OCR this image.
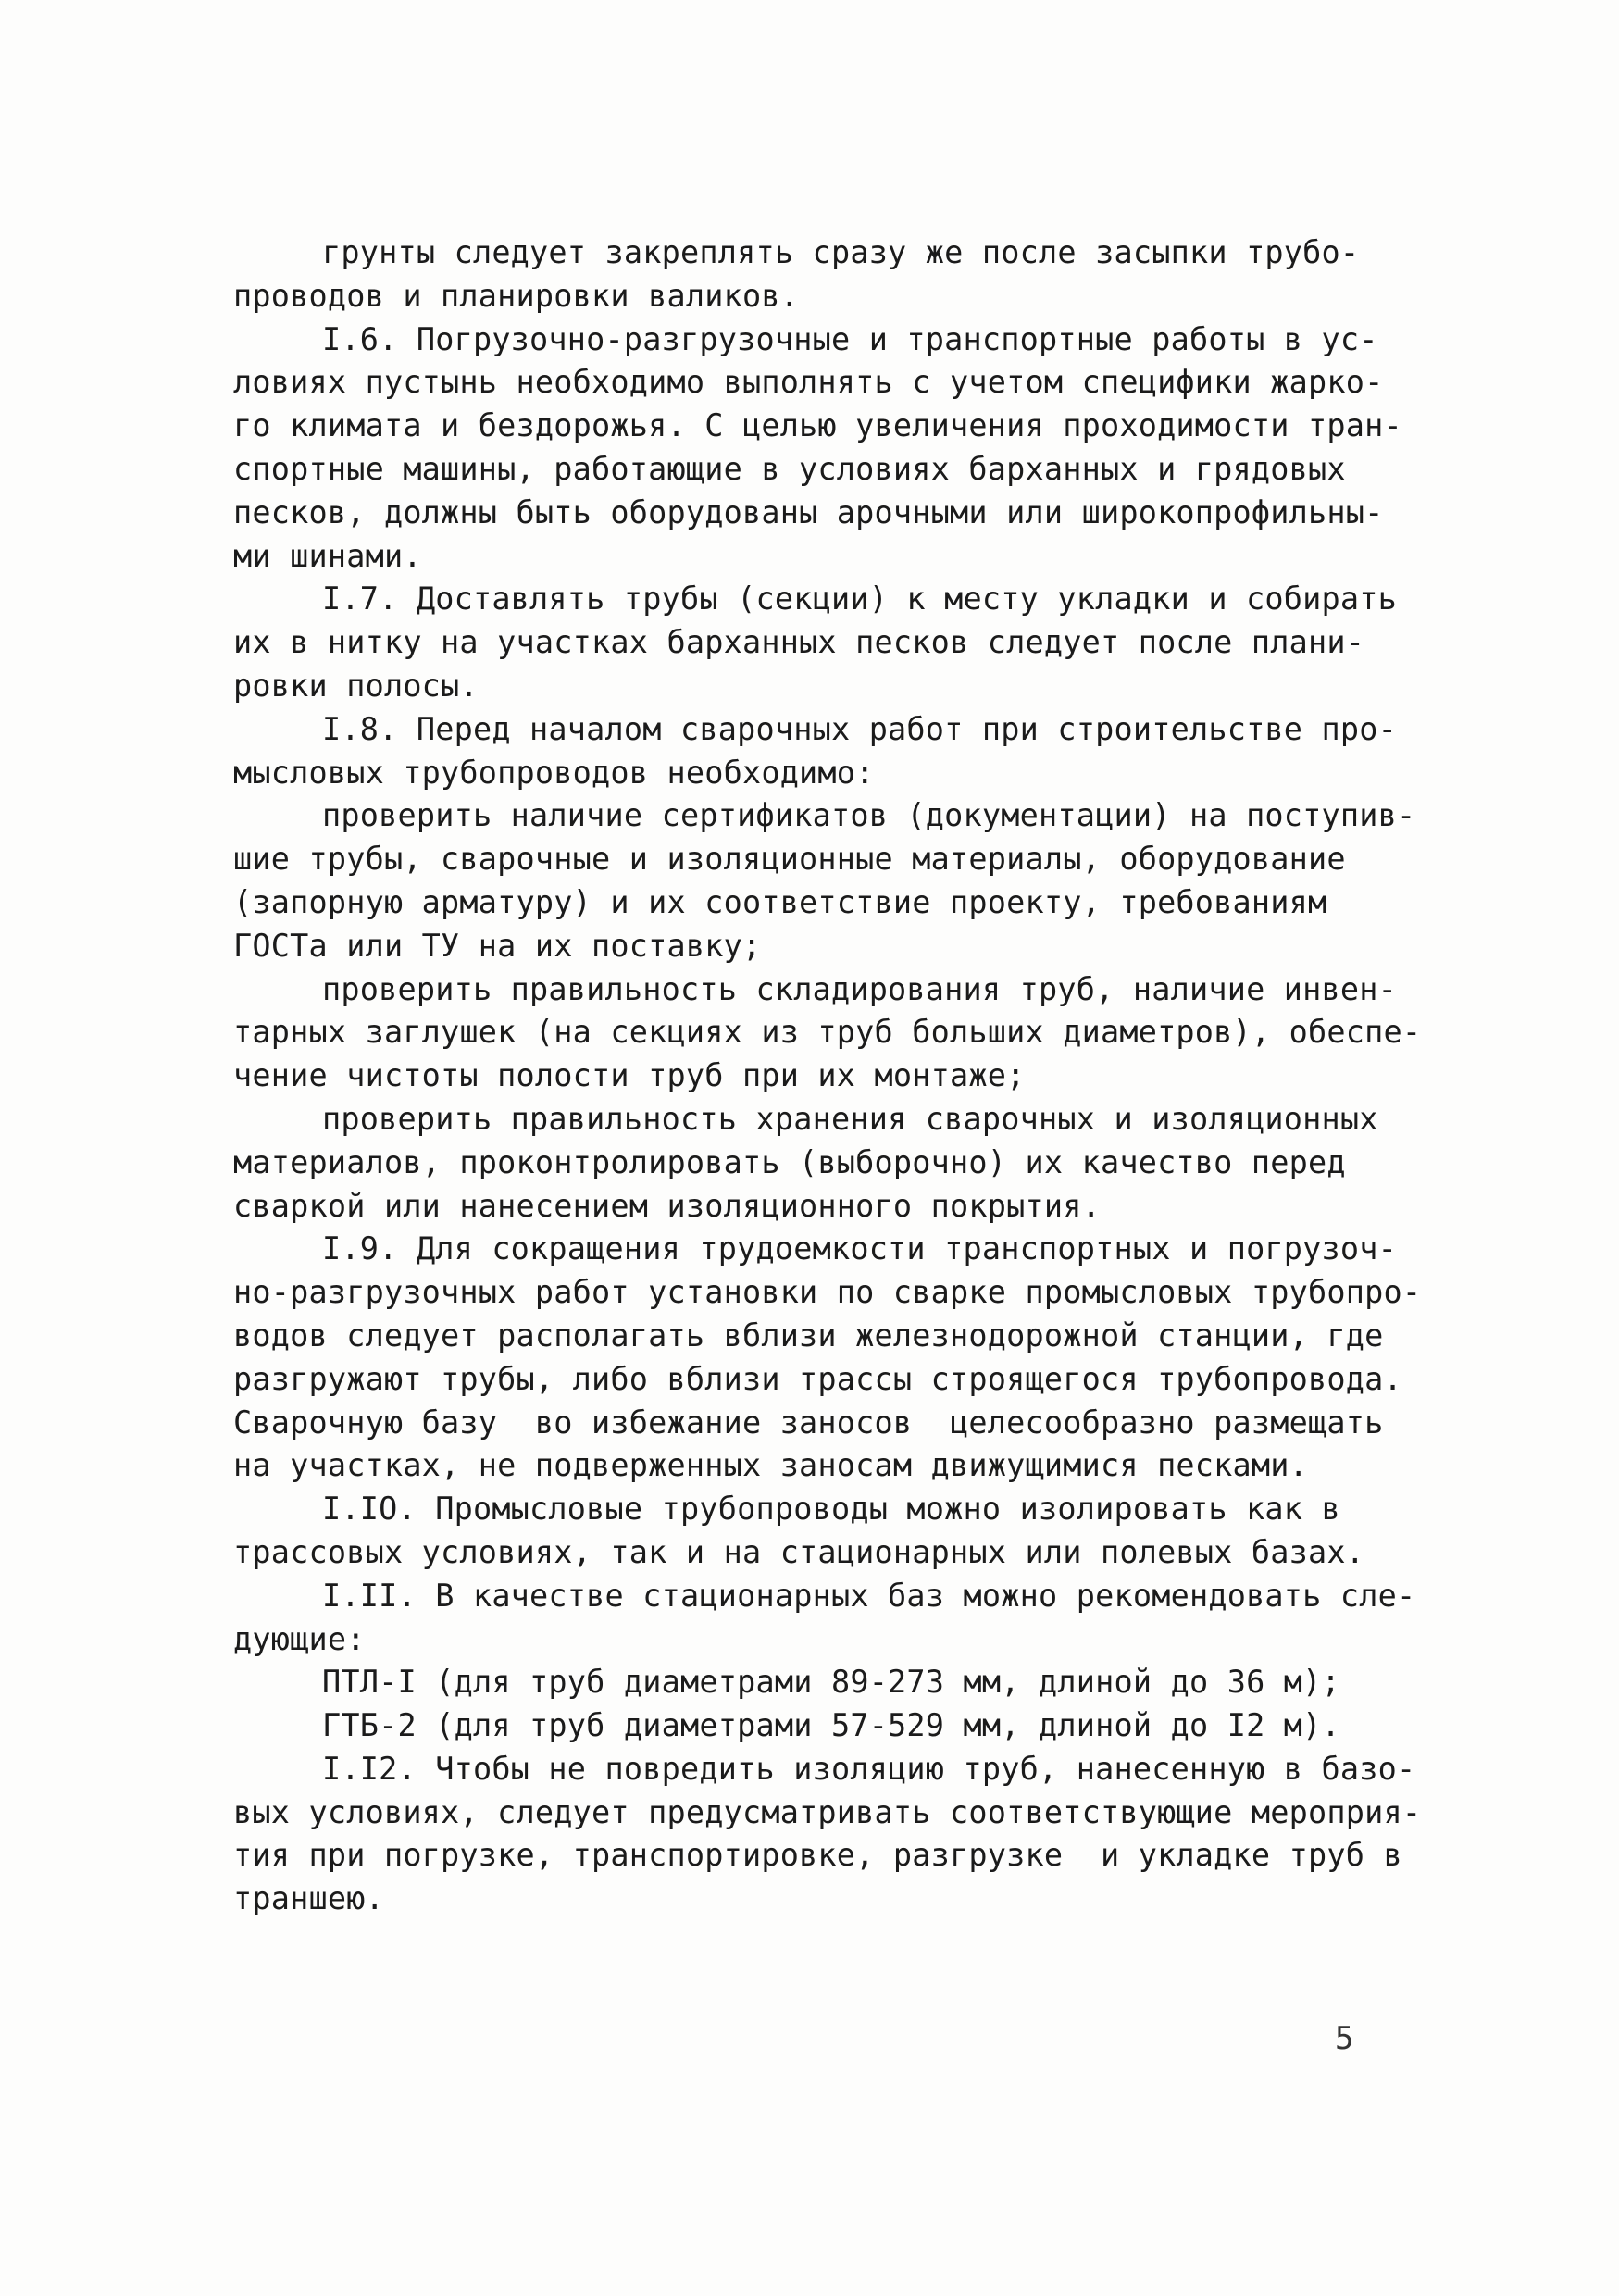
грунты следует закреплять сразу же после засыпки трубо-
проводов и планировки валиков.
I.6. Погрузочно-разгрузочные и транспортные работы в ус-
ловиях пустынь необходимо выполнять с учетом специфики жарко-
го климата и бездорожья. С целью увеличения проходимости тран-
спортные машины, работающие в условиях барханных и грядовых
песков, должны быть оборудованы арочными или широкопрофильны-
ми шинами.
I.7. Доставлять трубы (секции) к месту укладки и собирать
их в нитку на участках барханных песков следует после плани-
ровки полосы.
I.8. Перед началом сварочных работ при строительстве про-
мысловых трубопроводов необходимо:
проверить наличие сертификатов (документации) на поступив-
шие трубы, сварочные и изоляционные материалы, оборудование
(запорную арматуру) и их соответствие проекту, требованиям
ГОСТа или ТУ на их поставку;
проверить правильность складирования труб, наличие инвен-
тарных заглушек (на секциях из труб больших диаметров), обеспе-
чение чистоты полости труб при их монтаже;
проверить правильность хранения сварочных и изоляционных
материалов, проконтролировать (выборочно) их качество перед
сваркой или нанесением изоляционного покрытия.
I.9. Для сокращения трудоемкости транспортных и погрузоч-
но-разгрузочных работ установки по сварке промысловых трубопро-
водов следует располагать вблизи железнодорожной станции, где
разгружают трубы, либо вблизи трассы строящегося трубопровода.
Сварочную базу  во избежание заносов  целесообразно размещать
на участках, не подверженных заносам движущимися песками.
I.IO. Промысловые трубопроводы можно изолировать как в
трассовых условиях, так и на стационарных или полевых базах.
I.II. В качестве стационарных баз можно рекомендовать сле-
дующие:
ПТЛ-I (для труб диаметрами 89-273 мм, длиной до 36 м);
ГТБ-2 (для труб диаметрами 57-529 мм, длиной до I2 м).
I.I2. Чтобы не повредить изоляцию труб, нанесенную в базо-
вых условиях, следует предусматривать соответствующие мероприя-
тия при погрузке, транспортировке, разгрузке  и укладке труб в
траншею.
5
